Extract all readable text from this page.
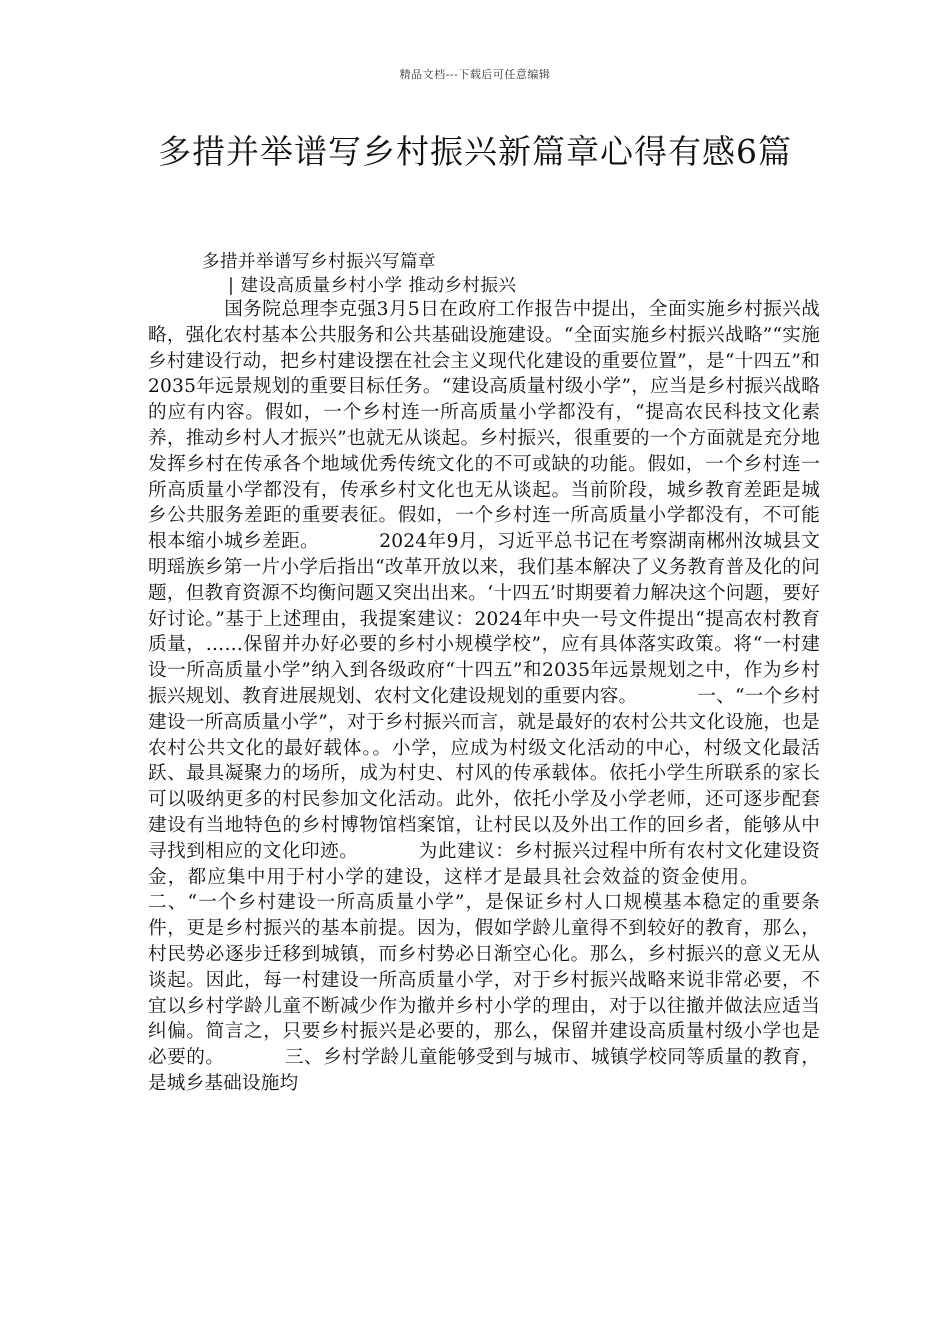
精品文档---下载后可任意编辑
多措并举谱写乡村振兴新篇章心得有感6篇
多措并举谱写乡村振兴写篇章
| 建设高质量乡村小学 推动乡村振兴

　　　　国务院总理李克强3月5日在政府工作报告中提出，全面实施乡村振兴战略，强化农村基本公共服务和公共基础设施建设。“全面实施乡村振兴战略”“实施乡村建设行动，把乡村建设摆在社会主义现代化建设的重要位置”，是“十四五”和2035年远景规划的重要目标任务。“建设高质量村级小学”，应当是乡村振兴战略的应有内容。假如，一个乡村连一所高质量小学都没有，“提高农民科技文化素养，推动乡村人才振兴”也就无从谈起。乡村振兴，很重要的一个方面就是充分地发挥乡村在传承各个地域优秀传统文化的不可或缺的功能。假如，一个乡村连一所高质量小学都没有，传承乡村文化也无从谈起。当前阶段，城乡教育差距是城乡公共服务差距的重要表征。假如，一个乡村连一所高质量小学都没有，不可能根本缩小城乡差距。	2024年9月，习近平总书记在考察湖南郴州汝城县文明瑶族乡第一片小学后指出“改革开放以来，我们基本解决了义务教育普及化的问题，但教育资源不均衡问题又突出出来。‘十四五’时期要着力解决这个问题，要好好讨论。”基于上述理由，我提案建议：2024年中央一号文件提出“提高农村教育质量，……保留并办好必要的乡村小规模学校”，应有具体落实政策。将“一村建设一所高质量小学”纳入到各级政府“十四五”和2035年远景规划之中，作为乡村振兴规划、教育进展规划、农村文化建设规划的重要内容。	一、“一个乡村建设一所高质量小学”，对于乡村振兴而言，就是最好的农村公共文化设施，也是农村公共文化的最好载体。。小学，应成为村级文化活动的中心，村级文化最活跃、最具凝聚力的场所，成为村史、村风的传承载体。依托小学生所联系的家长可以吸纳更多的村民参加文化活动。此外，依托小学及小学老师，还可逐步配套建设有当地特色的乡村博物馆档案馆，让村民以及外出工作的回乡者，能够从中寻找到相应的文化印迹。	为此建议：乡村振兴过程中所有农村文化建设资金，都应集中用于村小学的建设，这样才是最具社会效益的资金使用。二、“一个乡村建设一所高质量小学”，是保证乡村人口规模基本稳定的重要条件，更是乡村振兴的基本前提。因为，假如学龄儿童得不到较好的教育，那么，村民势必逐步迁移到城镇，而乡村势必日渐空心化。那么，乡村振兴的意义无从谈起。因此，每一村建设一所高质量小学，对于乡村振兴战略来说非常必要，不宜以乡村学龄儿童不断减少作为撤并乡村小学的理由，对于以往撤并做法应适当纠偏。简言之，只要乡村振兴是必要的，那么，保留并建设高质量村级小学也是必要的。	三、乡村学龄儿童能够受到与城市、城镇学校同等质量的教育，是城乡基础设施均
